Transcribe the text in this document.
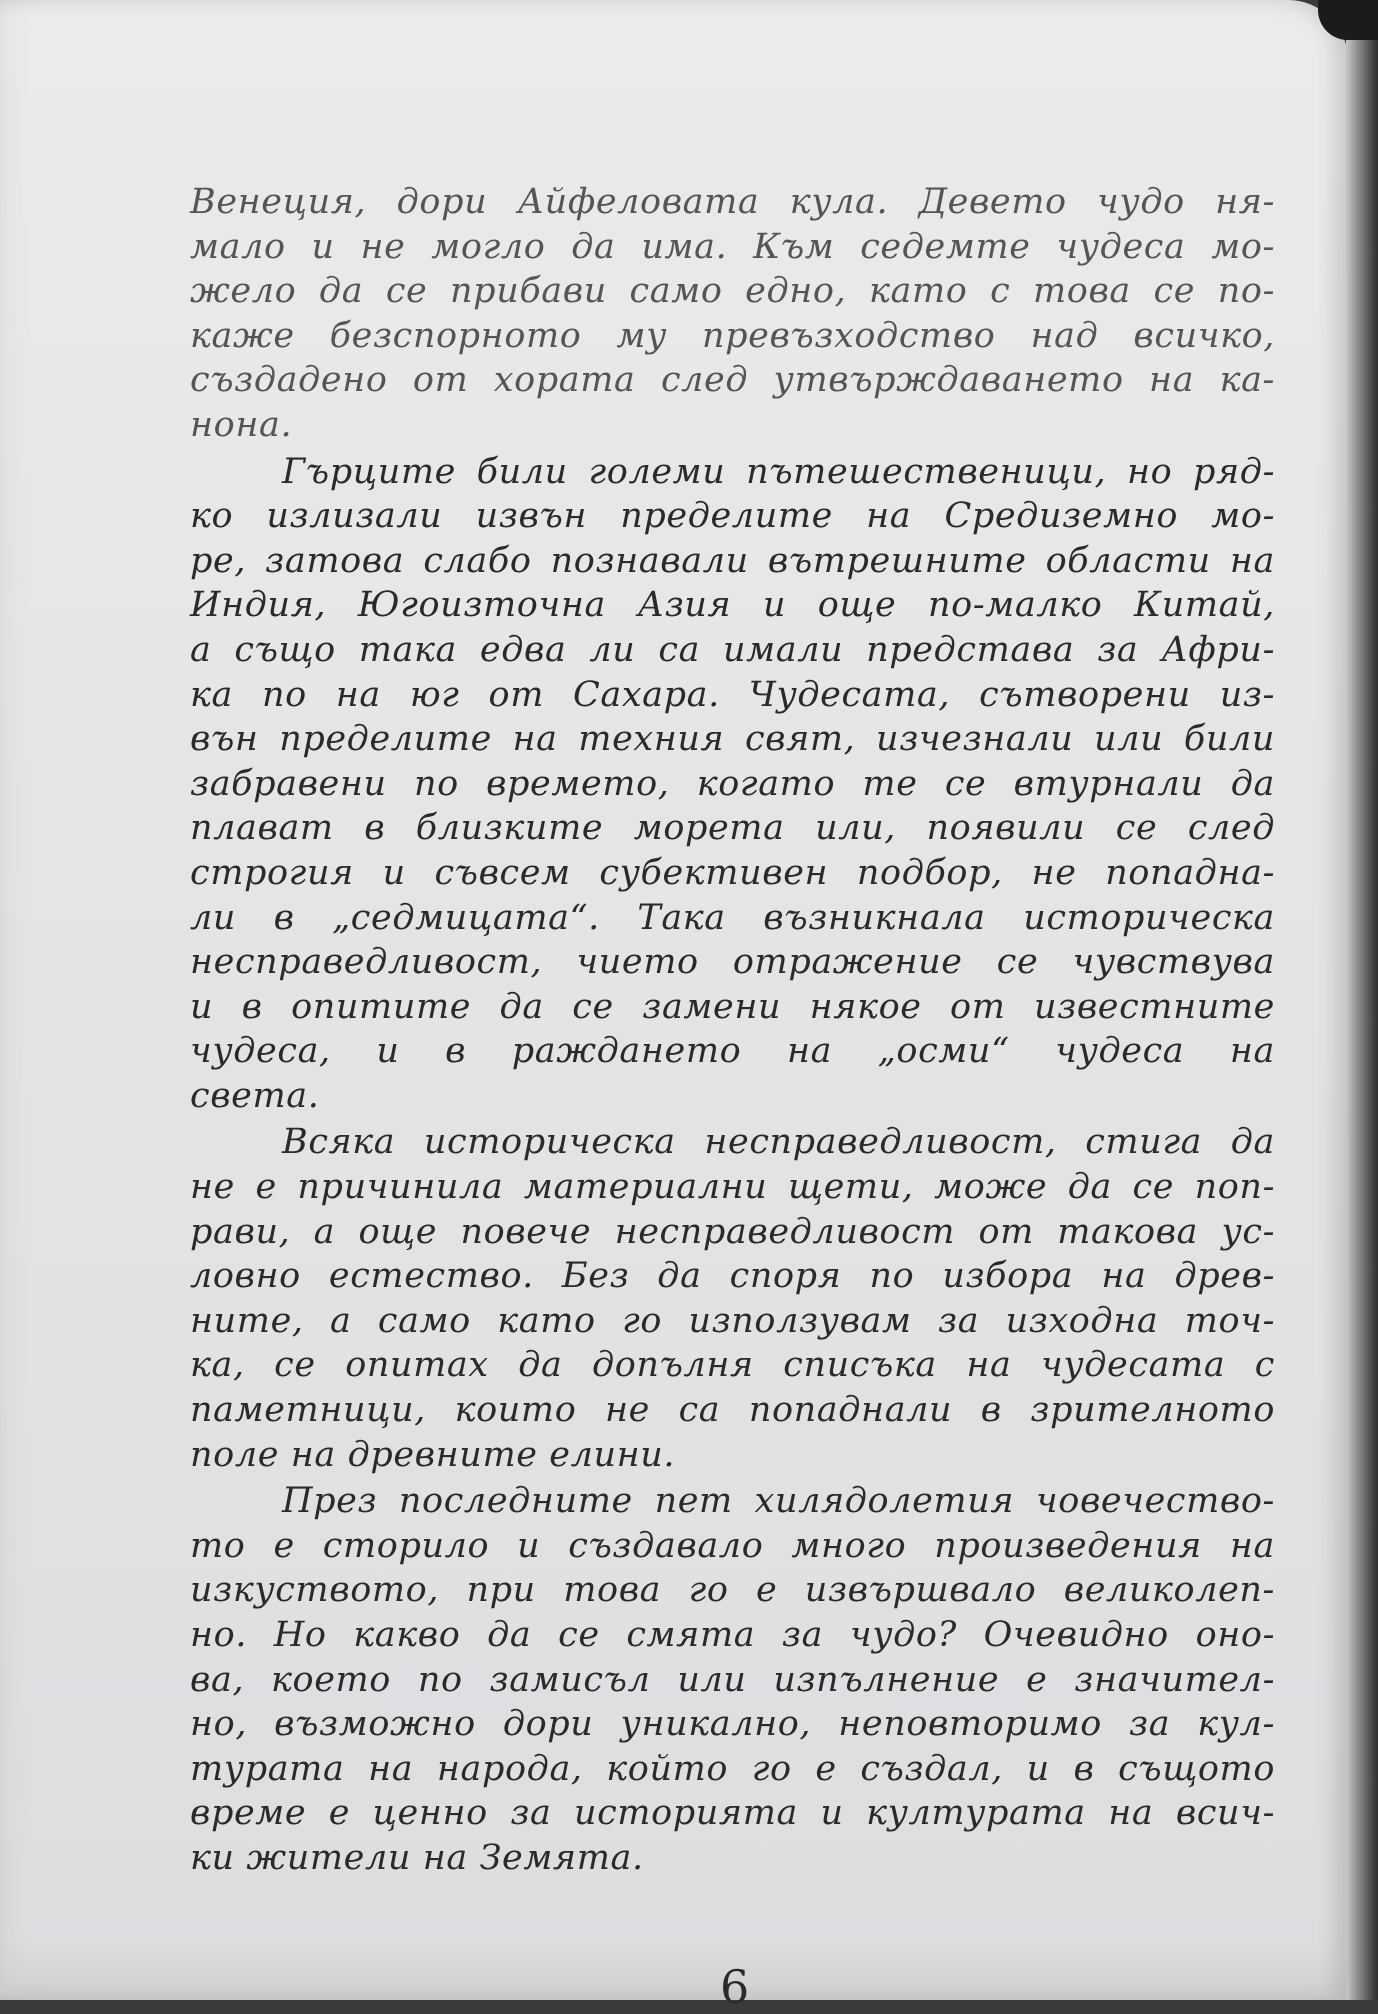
Венеция, дори Айфеловата кула. Девето чудо ня-
мало и не могло да има. Към седемте чудеса мо-
жело да се прибави само едно, като с това се по-
каже безспорното му превъзходство над всичко,
създадено от хората след утвърждаването на ка-
нона.
Гърците били големи пътешественици, но ряд-
ко излизали извън пределите на Средиземно мо-
ре, затова слабо познавали вътрешните области на
Индия, Югоизточна Азия и още по-малко Китай,
а също така едва ли са имали представа за Афри-
ка по на юг от Сахара. Чудесата, сътворени из-
вън пределите на техния свят, изчезнали или били
забравени по времето, когато те се втурнали да
плават в близките морета или, появили се след
строгия и съвсем субективен подбор, не попадна-
ли в „седмицата“. Така възникнала историческа
несправедливост, чието отражение се чувствува
и в опитите да се замени някое от известните
чудеса, и в раждането на „осми“ чудеса на
света.
Всяка историческа несправедливост, стига да
не е причинила материални щети, може да се поп-
рави, а още повече несправедливост от такова ус-
ловно естество. Без да споря по избора на древ-
ните, а само като го използувам за изходна точ-
ка, се опитах да допълня списъка на чудесата с
паметници, които не са попаднали в зрителното
поле на древните елини.
През последните пет хилядолетия човечество-
то е сторило и създавало много произведения на
изкуството, при това го е извършвало великолеп-
но. Но какво да се смята за чудо? Очевидно оно-
ва, което по замисъл или изпълнение е значител-
но, възможно дори уникално, неповторимо за кул-
турата на народа, който го е създал, и в същото
време е ценно за историята и културата на всич-
ки жители на Земята.
6
